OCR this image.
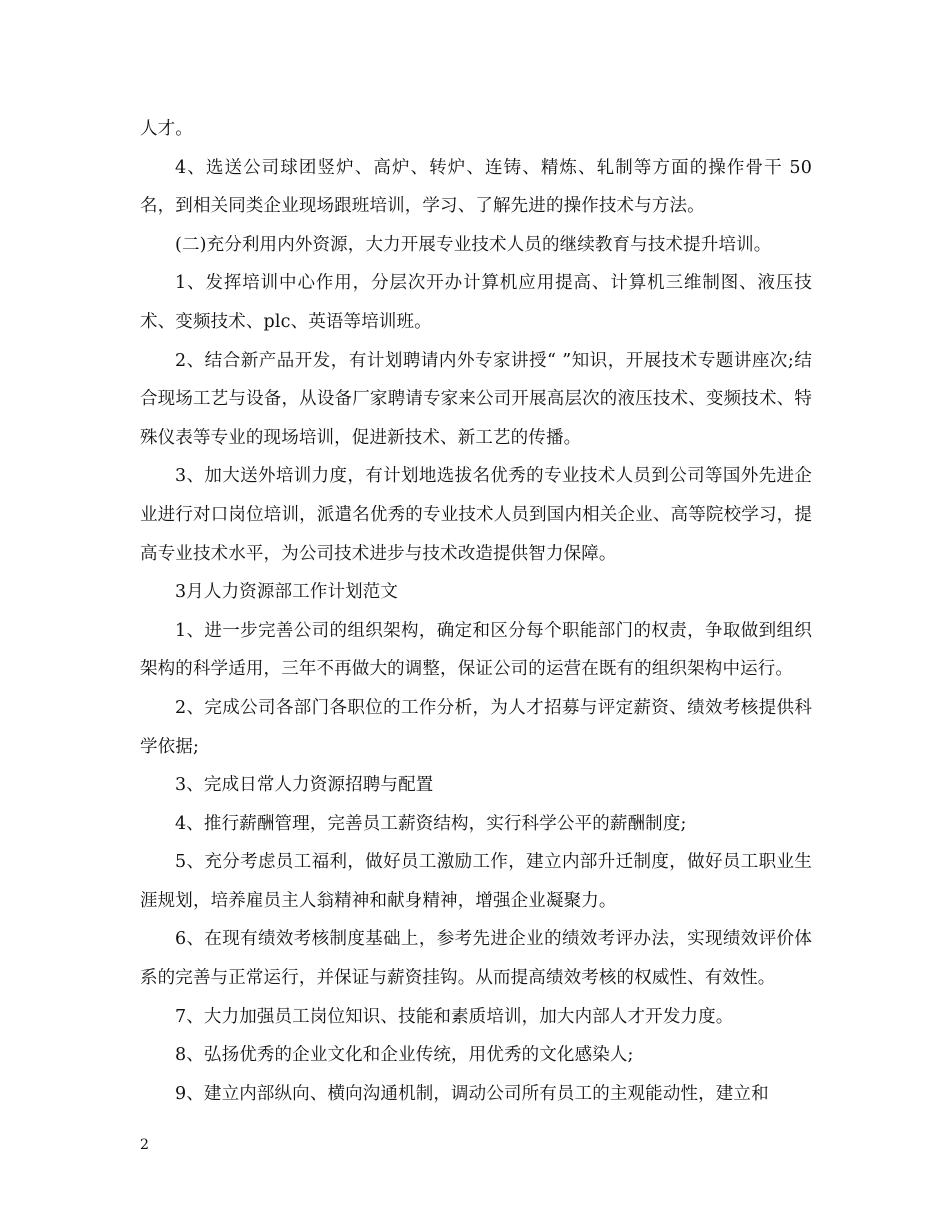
人才。

4、选送公司球团竖炉、高炉、转炉、连铸、精炼、轧制等方面的操作骨干 50 名，到相关同类企业现场跟班培训，学习、了解先进的操作技术与方法。

(二)充分利用内外资源，大力开展专业技术人员的继续教育与技术提升培训。

1、发挥培训中心作用，分层次开办计算机应用提高、计算机三维制图、液压技术、变频技术、plc、英语等培训班。

2、结合新产品开发，有计划聘请内外专家讲授“ ”知识，开展技术专题讲座次;结合现场工艺与设备，从设备厂家聘请专家来公司开展高层次的液压技术、变频技术、特殊仪表等专业的现场培训，促进新技术、新工艺的传播。

3、加大送外培训力度，有计划地选拔名优秀的专业技术人员到公司等国外先进企业进行对口岗位培训，派遣名优秀的专业技术人员到国内相关企业、高等院校学习，提高专业技术水平，为公司技术进步与技术改造提供智力保障。

3月人力资源部工作计划范文

1、进一步完善公司的组织架构，确定和区分每个职能部门的权责，争取做到组织架构的科学适用，三年不再做大的调整，保证公司的运营在既有的组织架构中运行。

2、完成公司各部门各职位的工作分析，为人才招募与评定薪资、绩效考核提供科学依据;

3、完成日常人力资源招聘与配置

4、推行薪酬管理，完善员工薪资结构，实行科学公平的薪酬制度;

5、充分考虑员工福利，做好员工激励工作，建立内部升迁制度，做好员工职业生涯规划，培养雇员主人翁精神和献身精神，增强企业凝聚力。

6、在现有绩效考核制度基础上，参考先进企业的绩效考评办法，实现绩效评价体系的完善与正常运行，并保证与薪资挂钩。从而提高绩效考核的权威性、有效性。

7、大力加强员工岗位知识、技能和素质培训，加大内部人才开发力度。

8、弘扬优秀的企业文化和企业传统，用优秀的文化感染人;

9、建立内部纵向、横向沟通机制，调动公司所有员工的主观能动性，建立和

2
